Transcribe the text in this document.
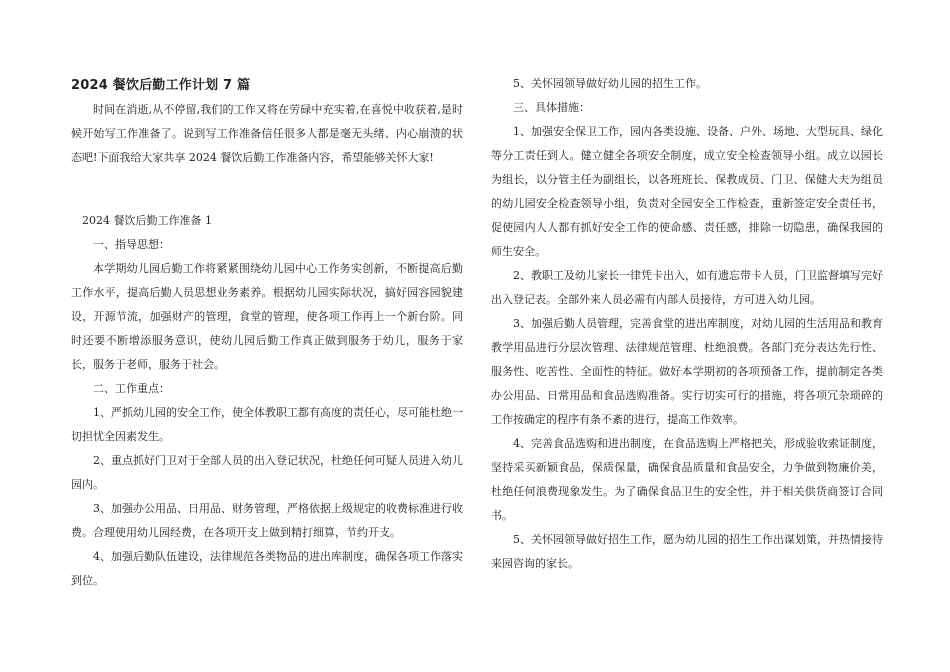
2024 餐饮后勤工作计划 7 篇

时间在消逝,从不停留,我们的工作又将在劳碌中充实着,在喜悦中收获着,是时候开始写工作准备了。说到写工作准备信任很多人都是毫无头绪、内心崩溃的状态吧!下面我给大家共享 2024 餐饮后勤工作准备内容，希望能够关怀大家!

2024 餐饮后勤工作准备 1

一、指导思想：

本学期幼儿园后勤工作将紧紧围绕幼儿园中心工作务实创新，不断提高后勤工作水平，提高后勤人员思想业务素养。根据幼儿园实际状况，搞好园容园貌建设，开源节流，加强财产的管理，食堂的管理，使各项工作再上一个新台阶。同时还要不断增添服务意识，使幼儿园后勤工作真正做到服务于幼儿，服务于家长，服务于老师，服务于社会。

二、工作重点：

1、严抓幼儿园的安全工作，使全体教职工都有高度的责任心，尽可能杜绝一切担忧全因素发生。

2、重点抓好门卫对于全部人员的出入登记状况，杜绝任何可疑人员进入幼儿园内。

3、加强办公用品、日用品、财务管理，严格依据上级规定的收费标准进行收费。合理使用幼儿园经费，在各项开支上做到精打细算，节约开支。

4、加强后勤队伍建设，法律规范各类物品的进出库制度，确保各项工作落实到位。

5、关怀园领导做好幼儿园的招生工作。

三、具体措施：

1、加强安全保卫工作，园内各类设施、设备、户外、场地、大型玩具、绿化等分工责任到人。健立健全各项安全制度，成立安全检查领导小组。成立以园长为组长，以分管主任为副组长，以各班班长、保教成员、门卫、保健大夫为组员的幼儿园安全检查领导小组，负责对全园安全工作检查，重新签定安全责任书，促使园内人人都有抓好安全工作的使命感、责任感，排除一切隐患，确保我园的师生安全。

2、教职工及幼儿家长一律凭卡出入，如有遗忘带卡人员，门卫监督填写完好出入登记表。全部外来人员必需有内部人员接待，方可进入幼儿园。

3、加强后勤人员管理，完善食堂的进出库制度，对幼儿园的生活用品和教育教学用品进行分层次管理、法律规范管理、杜绝浪费。各部门充分表达先行性、服务性、吃苦性、全面性的特征。做好本学期初的各项预备工作，提前制定各类办公用品、日常用品和食品选购准备。实行切实可行的措施，将各项冗杂琐碎的工作按确定的程序有条不紊的进行，提高工作效率。

4、完善食品选购和进出制度，在食品选购上严格把关，形成验收索证制度，坚持采买新颖食品，保质保量，确保食品质量和食品安全，力争做到物廉价美，杜绝任何浪费现象发生。为了确保食品卫生的安全性，并于相关供货商签订合同书。

5、关怀园领导做好招生工作，愿为幼儿园的招生工作出谋划策，并热情接待来园咨询的家长。
